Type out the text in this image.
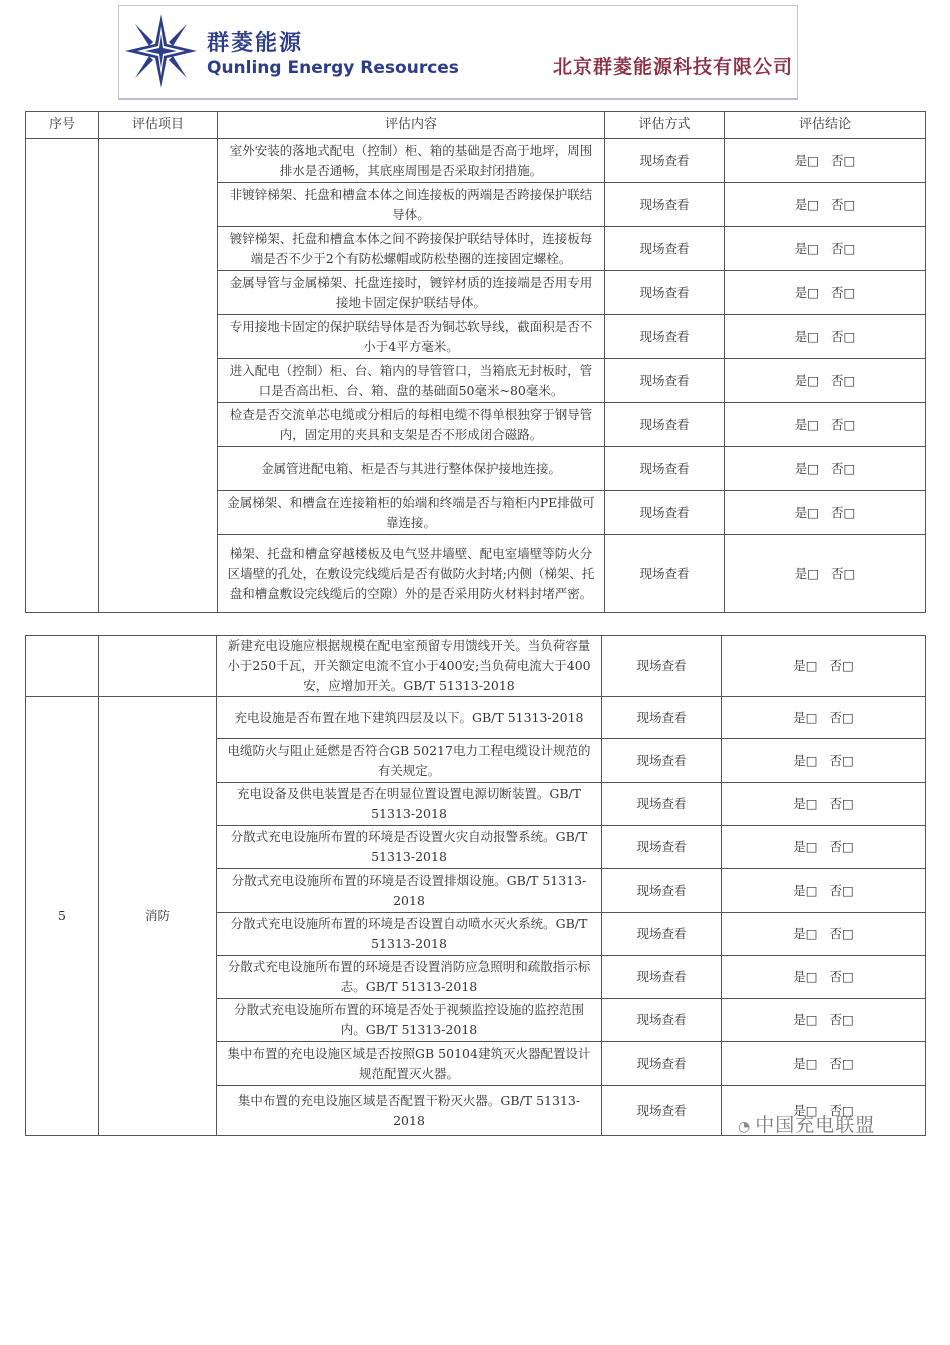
群菱能源
Qunling Energy Resources	北京群菱能源科技有限公司
序号	评估项目	评估内容	评估方式	评估结论
		室外安装的落地式配电（控制）柜、箱的基础是否高于地坪，周围排水是否通畅，其底座周围是否采取封闭措施。	现场查看	是□ 否□
		非镀锌梯架、托盘和槽盒本体之间连接板的两端是否跨接保护联结导体。	现场查看	是□ 否□
		镀锌梯架、托盘和槽盒本体之间不跨接保护联结导体时，连接板每端是否不少于2个有防松螺帽或防松垫圈的连接固定螺栓。	现场查看	是□ 否□
		金属导管与金属梯架、托盘连接时，镀锌材质的连接端是否用专用接地卡固定保护联结导体。	现场查看	是□ 否□
		专用接地卡固定的保护联结导体是否为铜芯软导线，截面积是否不小于4平方毫米。	现场查看	是□ 否□
		进入配电（控制）柜、台、箱内的导管管口，当箱底无封板时，管口是否高出柜、台、箱、盘的基础面50毫米~80毫米。	现场查看	是□ 否□
		检查是否交流单芯电缆或分相后的每相电缆不得单根独穿于钢导管内，固定用的夹具和支架是否不形成闭合磁路。	现场查看	是□ 否□
		金属管进配电箱、柜是否与其进行整体保护接地连接。	现场查看	是□ 否□
		金属梯架、和槽盒在连接箱柜的始端和终端是否与箱柜内PE排做可靠连接。	现场查看	是□ 否□
		梯架、托盘和槽盒穿越楼板及电气竖井墙壁、配电室墙壁等防火分区墙壁的孔处，在敷设完线缆后是否有做防火封堵;内侧（梯架、托盘和槽盒敷设完线缆后的空隙）外的是否采用防火材料封堵严密。	现场查看	是□ 否□
		新建充电设施应根据规模在配电室预留专用馈线开关。当负荷容量小于250千瓦，开关额定电流不宜小于400安;当负荷电流大于400安，应增加开关。GB/T 51313-2018	现场查看	是□ 否□
5	消防	充电设施是否布置在地下建筑四层及以下。GB/T 51313-2018	现场查看	是□ 否□
		电缆防火与阻止延燃是否符合GB 50217电力工程电缆设计规范的有关规定。	现场查看	是□ 否□
		充电设备及供电装置是否在明显位置设置电源切断装置。GB/T 51313-2018	现场查看	是□ 否□
		分散式充电设施所布置的环境是否设置火灾自动报警系统。GB/T 51313-2018	现场查看	是□ 否□
		分散式充电设施所布置的环境是否设置排烟设施。GB/T 51313-2018	现场查看	是□ 否□
		分散式充电设施所布置的环境是否设置自动喷水灭火系统。GB/T 51313-2018	现场查看	是□ 否□
		分散式充电设施所布置的环境是否设置消防应急照明和疏散指示标志。GB/T 51313-2018	现场查看	是□ 否□
		分散式充电设施所布置的环境是否处于视频监控设施的监控范围内。GB/T 51313-2018	现场查看	是□ 否□
		集中布置的充电设施区域是否按照GB 50104建筑灭火器配置设计规范配置灭火器。	现场查看	是□ 否□
		集中布置的充电设施区域是否配置干粉灭火器。GB/T 51313-2018	现场查看	是□ 否□
◔ 中国充电联盟
